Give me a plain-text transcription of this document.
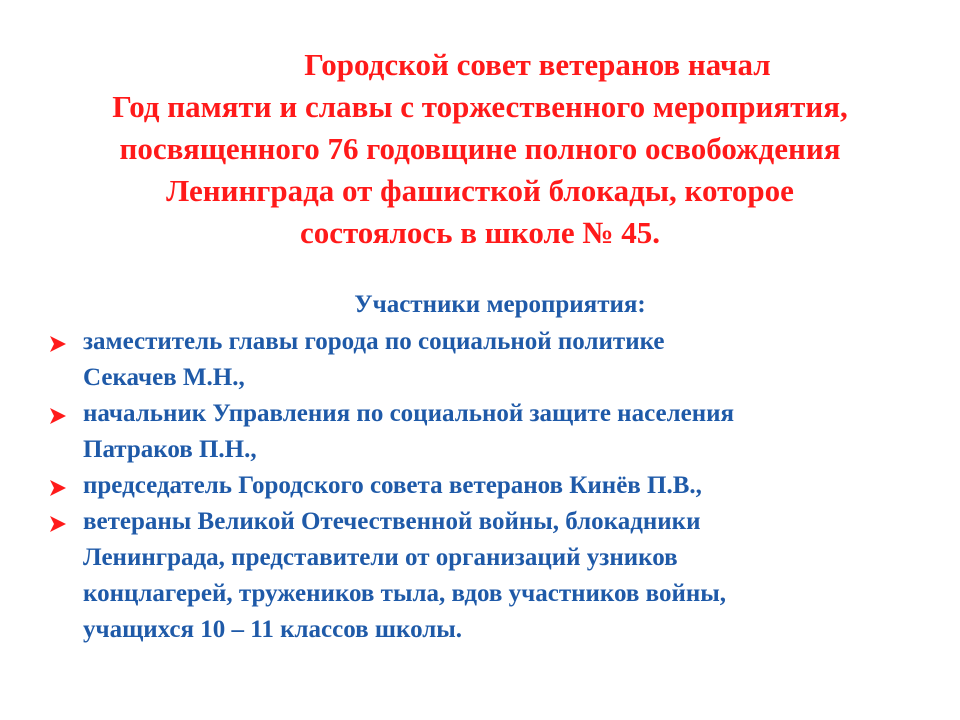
Городской совет ветеранов начал
Год памяти и славы с торжественного мероприятия,
посвященного 76 годовщине полного освобождения
Ленинграда от фашисткой блокады, которое
состоялось в школе № 45.
Участники мероприятия:
заместитель главы города по социальной политике
Секачев М.Н.,
начальник Управления по социальной защите населения
Патраков П.Н.,
председатель Городского совета ветеранов Кинёв П.В.,
ветераны Великой Отечественной войны, блокадники
Ленинграда, представители от организаций узников
концлагерей, тружеников тыла, вдов участников войны,
учащихся 10 – 11 классов школы.
